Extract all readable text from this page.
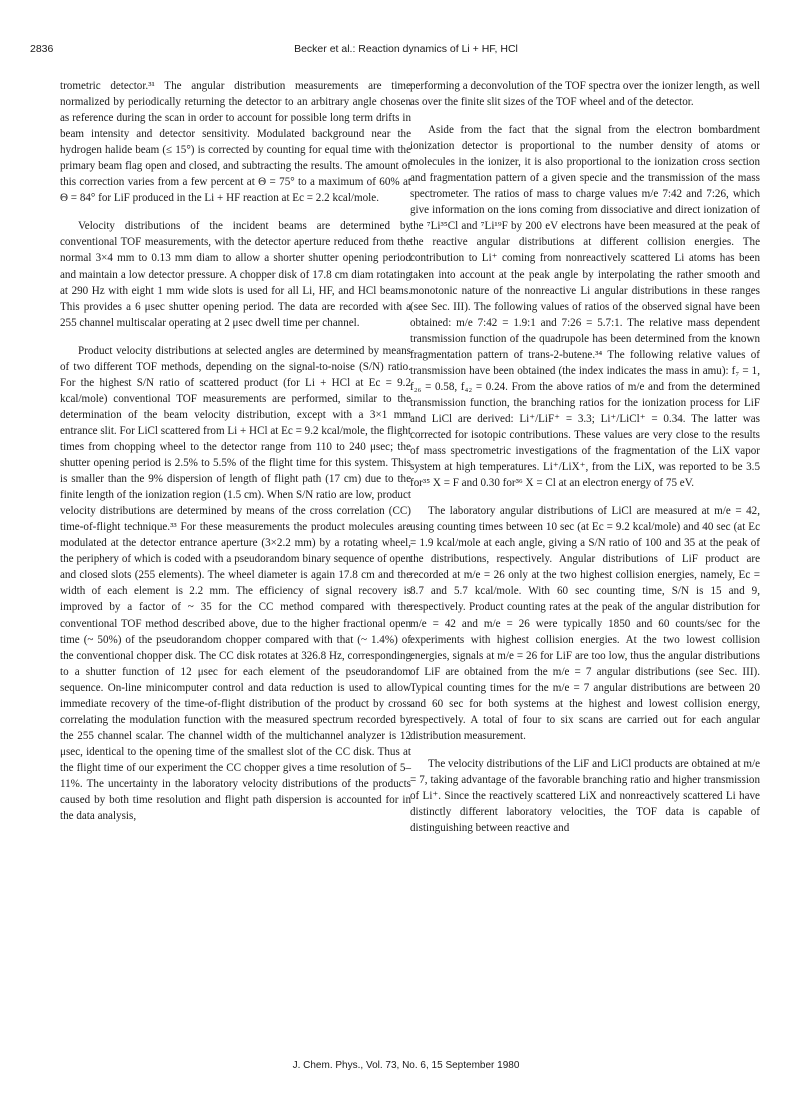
2836	Becker et al.: Reaction dynamics of Li + HF, HCl

trometric detector.³¹ The angular distribution measurements are time normalized by periodically returning the detector to an arbitrary angle chosen as reference during the scan in order to account for possible long term drifts in beam intensity and detector sensitivity. Modulated background near the hydrogen halide beam (≤ 15°) is corrected by counting for equal time with the primary beam flag open and closed, and subtracting the results. The amount of this correction varies from a few percent at Θ = 75° to a maximum of 60% at Θ = 84° for LiF produced in the Li + HF reaction at Ec = 2.2 kcal/mole.

Velocity distributions of the incident beams are determined by conventional TOF measurements, with the detector aperture reduced from the normal 3×4 mm to 0.13 mm diam to allow a shorter shutter opening period and maintain a low detector pressure. A chopper disk of 17.8 cm diam rotating at 290 Hz with eight 1 mm wide slots is used for all Li, HF, and HCl beams. This provides a 6 μsec shutter opening period. The data are recorded with a 255 channel multiscalar operating at 2 μsec dwell time per channel.

Product velocity distributions at selected angles are determined by means of two different TOF methods, depending on the signal-to-noise (S/N) ratio. For the highest S/N ratio of scattered product (for Li + HCl at Ec = 9.2 kcal/mole) conventional TOF measurements are performed, similar to the determination of the beam velocity distribution, except with a 3×1 mm entrance slit. For LiCl scattered from Li + HCl at Ec = 9.2 kcal/mole, the flight times from chopping wheel to the detector range from 110 to 240 μsec; the shutter opening period is 2.5% to 5.5% of the flight time for this system. This is smaller than the 9% dispersion of length of flight path (17 cm) due to the finite length of the ionization region (1.5 cm). When S/N ratio are low, product velocity distributions are determined by means of the cross correlation (CC) time-of-flight technique.³³ For these measurements the product molecules are modulated at the detector entrance aperture (3×2.2 mm) by a rotating wheel, the periphery of which is coded with a pseudorandom binary sequence of open and closed slots (255 elements). The wheel diameter is again 17.8 cm and the width of each element is 2.2 mm. The efficiency of signal recovery is improved by a factor of ~ 35 for the CC method compared with the conventional TOF method described above, due to the higher fractional open time (~ 50%) of the pseudorandom chopper compared with that (~ 1.4%) of the conventional chopper disk. The CC disk rotates at 326.8 Hz, corresponding to a shutter function of 12 μsec for each element of the pseudorandom sequence. On-line minicomputer control and data reduction is used to allow immediate recovery of the time-of-flight distribution of the product by cross correlating the modulation function with the measured spectrum recorded by the 255 channel scalar. The channel width of the multichannel analyzer is 12 μsec, identical to the opening time of the smallest slot of the CC disk. Thus at the flight time of our experiment the CC chopper gives a time resolution of 5–11%. The uncertainty in the laboratory velocity distributions of the products caused by both time resolution and flight path dispersion is accounted for in the data analysis,

performing a deconvolution of the TOF spectra over the ionizer length, as well as over the finite slit sizes of the TOF wheel and of the detector.

Aside from the fact that the signal from the electron bombardment ionization detector is proportional to the number density of atoms or molecules in the ionizer, it is also proportional to the ionization cross section and fragmentation pattern of a given specie and the transmission of the mass spectrometer. The ratios of mass to charge values m/e 7:42 and 7:26, which give information on the ions coming from dissociative and direct ionization of the ⁷Li³⁵Cl and ⁷Li¹⁹F by 200 eV electrons have been measured at the peak of the reactive angular distributions at different collision energies. The contribution to Li⁺ coming from nonreactively scattered Li atoms has been taken into account at the peak angle by interpolating the rather smooth and monotonic nature of the nonreactive Li angular distributions in these ranges (see Sec. III). The following values of ratios of the observed signal have been obtained: m/e 7:42 = 1.9:1 and 7:26 = 5.7:1. The relative mass dependent transmission function of the quadrupole has been determined from the known fragmentation pattern of trans-2-butene.³⁴ The following relative values of transmission have been obtained (the index indicates the mass in amu): f₇ = 1, f₂₆ = 0.58, f₄₂ = 0.24. From the above ratios of m/e and from the determined transmission function, the branching ratios for the ionization process for LiF and LiCl are derived: Li⁺/LiF⁺ = 3.3; Li⁺/LiCl⁺ = 0.34. The latter was corrected for isotopic contributions. These values are very close to the results of mass spectrometric investigations of the fragmentation of the LiX vapor system at high temperatures. Li⁺/LiX⁺, from the LiX, was reported to be 3.5 for³⁵ X = F and 0.30 for³⁶ X = Cl at an electron energy of 75 eV.

The laboratory angular distributions of LiCl are measured at m/e = 42, using counting times between 10 sec (at Ec = 9.2 kcal/mole) and 40 sec (at Ec = 1.9 kcal/mole at each angle, giving a S/N ratio of 100 and 35 at the peak of the distributions, respectively. Angular distributions of LiF product are recorded at m/e = 26 only at the two highest collision energies, namely, Ec = 8.7 and 5.7 kcal/mole. With 60 sec counting time, S/N is 15 and 9, respectively. Product counting rates at the peak of the angular distribution for m/e = 42 and m/e = 26 were typically 1850 and 60 counts/sec for the experiments with highest collision energies. At the two lowest collision energies, signals at m/e = 26 for LiF are too low, thus the angular distributions of LiF are obtained from the m/e = 7 angular distributions (see Sec. III). Typical counting times for the m/e = 7 angular distributions are between 20 and 60 sec for both systems at the highest and lowest collision energy, respectively. A total of four to six scans are carried out for each angular distribution measurement.

The velocity distributions of the LiF and LiCl products are obtained at m/e = 7, taking advantage of the favorable branching ratio and higher transmission of Li⁺. Since the reactively scattered LiX and nonreactively scattered Li have distinctly different laboratory velocities, the TOF data is capable of distinguishing between reactive and

J. Chem. Phys., Vol. 73, No. 6, 15 September 1980
